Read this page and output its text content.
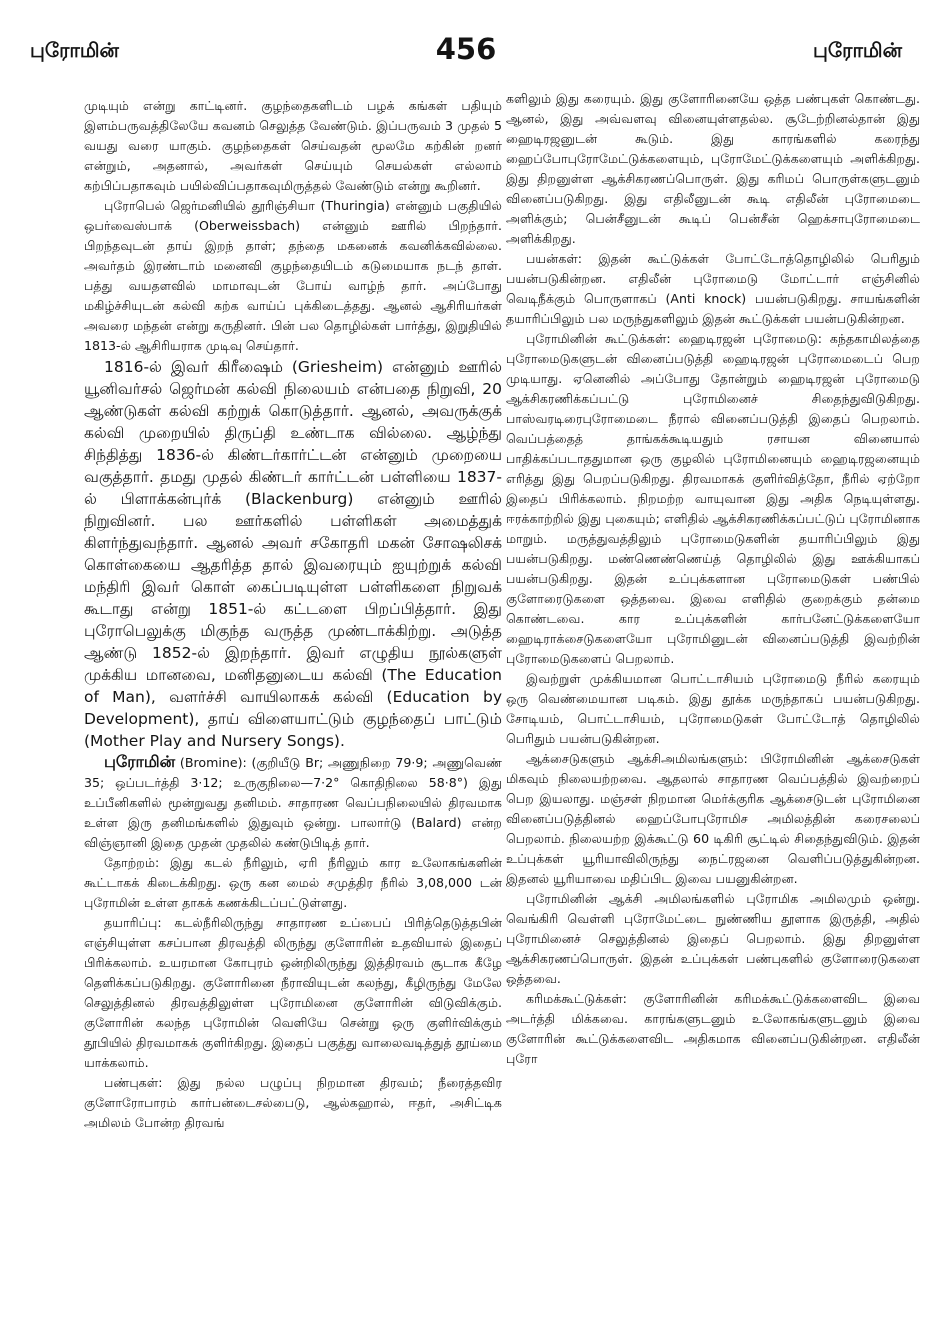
புரோமின்	456	புரோமின்

முடியும் என்று காட்டினர். குழந்தைகளிடம் பழக் கங்கள் பதியும் இளம்பருவத்திலேயே கவனம் செலுத்த வேண்டும். இப்பருவம் 3 முதல் 5 வயது வரை யாகும். குழந்தைகள் செய்வதன் மூலமே கற்கின் றனர் என்றும், அதனால், அவர்கள் செய்யும் செயல்கள் எல்லாம் கற்பிப்பதாகவும் பயில்விப்பதாகவுமிருத்தல் வேண்டும் என்று கூறினர்.

புரோபெல் ஜெர்மனியில் தூரிஞ்சியா (Thuringia) என்னும் பகுதியில் ஒபர்வைஸ்பாக் (Oberweissbach) என்னும் ஊரில் பிறந்தார். பிறந்தவுடன் தாய் இறந் தாள்; தந்தை மகனைக் கவனிக்கவில்லை. அவர்தம் இரண்டாம் மனைவி குழந்தையிடம் கடுமையாக நடந் தாள். பத்து வயதளவில் மாமாவுடன் போய் வாழ்ந் தார். அப்போது மகிழ்ச்சியுடன் கல்வி கற்க வாய்ப் புக்கிடைத்தது. ஆனல் ஆசிரியர்கள் அவரை மந்தன் என்று கருதினர். பின் பல தொழில்கள் பார்த்து, இறுதியில் 1813-ல் ஆசிரியராக முடிவு செய்தார்.

1816-ல் இவர் கிரீஷைம் (Griesheim) என்னும் ஊரில் யூனிவர்சல் ஜெர்மன் கல்வி நிலையம் என்பதை நிறுவி, 20 ஆண்டுகள் கல்வி கற்றுக் கொடுத்தார். ஆனல், அவருக்குக் கல்வி முறையில் திருப்தி உண்டாக வில்லை. ஆழ்ந்து சிந்தித்து 1836-ல் கிண்டர்கார்ட்டன் என்னும் முறையை வகுத்தார். தமது முதல் கிண்டர் கார்ட்டன் பள்ளியை 1837-ல் பிளாக்கன்புர்க் (Blackenburg) என்னும் ஊரில் நிறுவினர். பல ஊர்களில் பள்ளிகள் அமைத்துக் கிளர்ந்துவந்தார். ஆனல் அவர் சகோதரி மகன் சோஷலிசக் கொள்கையை ஆதரித்த தால் இவரையும் ஐயுற்றுக் கல்வி மந்திரி இவர் கொள் கைப்படியுள்ள பள்ளிகளை நிறுவக் கூடாது என்று 1851-ல் கட்டளை பிறப்பித்தார். இது புரோபெலுக்கு மிகுந்த வருத்த முண்டாக்கிற்று. அடுத்த ஆண்டு 1852-ல் இறந்தார். இவர் எழுதிய நூல்களுள் முக்கிய மானவை, மனிதனுடைய கல்வி (The Education of Man), வளர்ச்சி வாயிலாகக் கல்வி (Education by Development), தாய் விளையாட்டும் குழந்தைப் பாட்டும் (Mother Play and Nursery Songs).

புரோமின் (Bromine): (குறியீடு Br; அணுநிறை 79·9; அணுவெண் 35; ஒப்படர்த்தி 3·12; உருகுநிலை—7·2° கொதிநிலை 58·8°) இது உப்பீனிகளில் மூன்றுவது தனிமம். சாதாரண வெப்பநிலையில் திரவமாக உள்ள இரு தனிமங்களில் இதுவும் ஒன்று. பாலார்டு (Balard) என்ற விஞ்ஞானி இதை முதன் முதலில் கண்டுபிடித் தார்.

தோற்றம்: இது கடல் நீரிலும், ஏரி நீரிலும் கார உலோகங்களின் கூட்டாகக் கிடைக்கிறது. ஒரு கன மைல் சமுத்திர நீரில் 3,08,000 டன் புரோமின் உள்ள தாகக் கணக்கிடப்பட்டுள்ளது.

தயாரிப்பு: கடல்நீரிலிருந்து சாதாரண உப்பைப் பிரித்தெடுத்தபின் எஞ்சியுள்ள கசப்பான திரவத்தி லிருந்து குளோரின் உதவியால் இதைப் பிரிக்கலாம். உயரமான கோபுரம் ஒன்றிலிருந்து இத்திரவம் சூடாக கீழே தெளிக்கப்படுகிறது. குளோரினை நீராவியுடன் கலந்து, கீழிருந்து மேலே செலுத்தினல் திரவத்திலுள்ள புரோமினை குளோரின் விடுவிக்கும். குளோரின் கலந்த புரோமின் வெளியே சென்று ஒரு குளிர்விக்கும் தூபியில் திரவமாகக் குளிர்கிறது. இதைப் பகுத்து வாலைவடித்துத் தூய்மை யாக்கலாம்.

பண்புகள்: இது நல்ல பழுப்பு நிறமான திரவம்; நீரைத்தவிர குளோரோபாரம் கார்பன்டைசல்பைடு, ஆல்கஹால், ஈதர், அசிட்டிக அமிலம் போன்ற திரவங்

களிலும் இது கரையும். இது குளோரினையே ஒத்த பண்புகள் கொண்டது. ஆனல், இது அவ்வளவு வினையுள்ளதல்ல. சூடேற்றினல்தான் இது ஹைடிரஜனுடன் கூடும். இது காரங்களில் கரைந்து ஹைப்போபுரோமேட்டுக்களையும், புரோமேட்டுக்களையும் அளிக்கிறது. இது திறனுள்ள ஆக்சிகரணப்பொருள். இது கரிமப் பொருள்களுடனும் வினைப்படுகிறது. இது எதிலீனுடன் கூடி எதிலீன் புரோமைடை அளிக்கும்; பென்சீனுடன் கூடிப் பென்சீன் ஹெக்சாபுரோமைடை அளிக்கிறது.

பயன்கள்: இதன் கூட்டுக்கள் போட்டோத்தொழிலில் பெரிதும் பயன்படுகின்றன. எதிலீன் புரோமைடு மோட்டார் எஞ்சினில் வெடிநீக்கும் பொருளாகப் (Anti knock) பயன்படுகிறது. சாயங்களின் தயாரிப்பிலும் பல மருந்துகளிலும் இதன் கூட்டுக்கள் பயன்படுகின்றன.

புரோமினின் கூட்டுக்கள்: ஹைடிரஜன் புரோமைடு: கந்தகாமிலத்தை புரோமைடுகளுடன் வினைப்படுத்தி ஹைடிரஜன் புரோமைடைப் பெற முடியாது. ஏனெனில் அப்போது தோன்றும் ஹைடிரஜன் புரோமைடு ஆக்சிகரணிக்கப்பட்டு புரோமினைச் சிதைந்துவிடுகிறது. பாஸ்வரடிரைபுரோமைடை நீரால் வினைப்படுத்தி இதைப் பெறலாம். வெப்பத்தைத் தாங்கக்கூடியதும் ரசாயன வினையால் பாதிக்கப்படாததுமான ஒரு குழலில் புரோமினையும் ஹைடிரஜனையும் எரித்து இது பெறப்படுகிறது. திரவமாகக் குளிர்வித்தோ, நீரில் ஏற்றோ இதைப் பிரிக்கலாம். நிறமற்ற வாயுவான இது அதிக நெடியுள்ளது. ஈரக்காற்றில் இது புகையும்; எளிதில் ஆக்சிகரணிக்கப்பட்டுப் புரோமினாக மாறும். மருத்துவத்திலும் புரோமைடுகளின் தயாரிப்பிலும் இது பயன்படுகிறது. மண்ணெண்ணெய்த் தொழிலில் இது ஊக்கியாகப் பயன்படுகிறது. இதன் உப்புக்களான புரோமைடுகள் பண்பில் குளோரைடுகளை ஒத்தவை. இவை எளிதில் குறைக்கும் தன்மை கொண்டவை. கார உப்புக்களின் கார்பனேட்டுக்களையோ ஹைடிராக்சைடுகளையோ புரோமினுடன் வினைப்படுத்தி இவற்றின் புரோமைடுகளைப் பெறலாம்.

இவற்றுள் முக்கியமான பொட்டாசியம் புரோமைடு நீரில் கரையும் ஒரு வெண்மையான படிகம். இது தூக்க மருந்தாகப் பயன்படுகிறது. சோடியம், பொட்டாசியம், புரோமைடுகள் போட்டோத் தொழிலில் பெரிதும் பயன்படுகின்றன.

ஆக்சைடுகளும் ஆக்சிஅமிலங்களும்: பிரோமினின் ஆக்சைடுகள் மிகவும் நிலையற்றவை. ஆதலால் சாதாரண வெப்பத்தில் இவற்றைப் பெற இயலாது. மஞ்சள் நிறமான மெர்க்குரிக ஆக்சைடுடன் புரோமினை வினைப்படுத்தினல் ஹைப்போபுரோமிச அமிலத்தின் கரைசலைப் பெறலாம். நிலையற்ற இக்கூட்டு 60 டிகிரி சூட்டில் சிதைந்துவிடும். இதன் உப்புக்கள் யூரியாவிலிருந்து நைட்ரஜனை வெளிப்படுத்துகின்றன. இதனல் யூரியாவை மதிப்பிட இவை பயனுகின்றன.

புரோமினின் ஆக்சி அமிலங்களில் புரோமிக அமிலமும் ஒன்று. வெங்கிரி வெள்ளி புரோமேட்டை நுண்ணிய தூளாக இருத்தி, அதில் புரோமினைச் செலுத்தினல் இதைப் பெறலாம். இது திறனுள்ள ஆக்சிகரணப்பொருள். இதன் உப்புக்கள் பண்புகளில் குளோரைடுகளை ஒத்தவை.

கரிமக்கூட்டுக்கள்: குளோரினின் கரிமக்கூட்டுக்களைவிட இவை அடர்த்தி மிக்கவை. காரங்களுடனும் உலோகங்களுடனும் இவை குளோரின் கூட்டுக்களைவிட அதிகமாக வினைப்படுகின்றன. எதிலீன் புரோ
